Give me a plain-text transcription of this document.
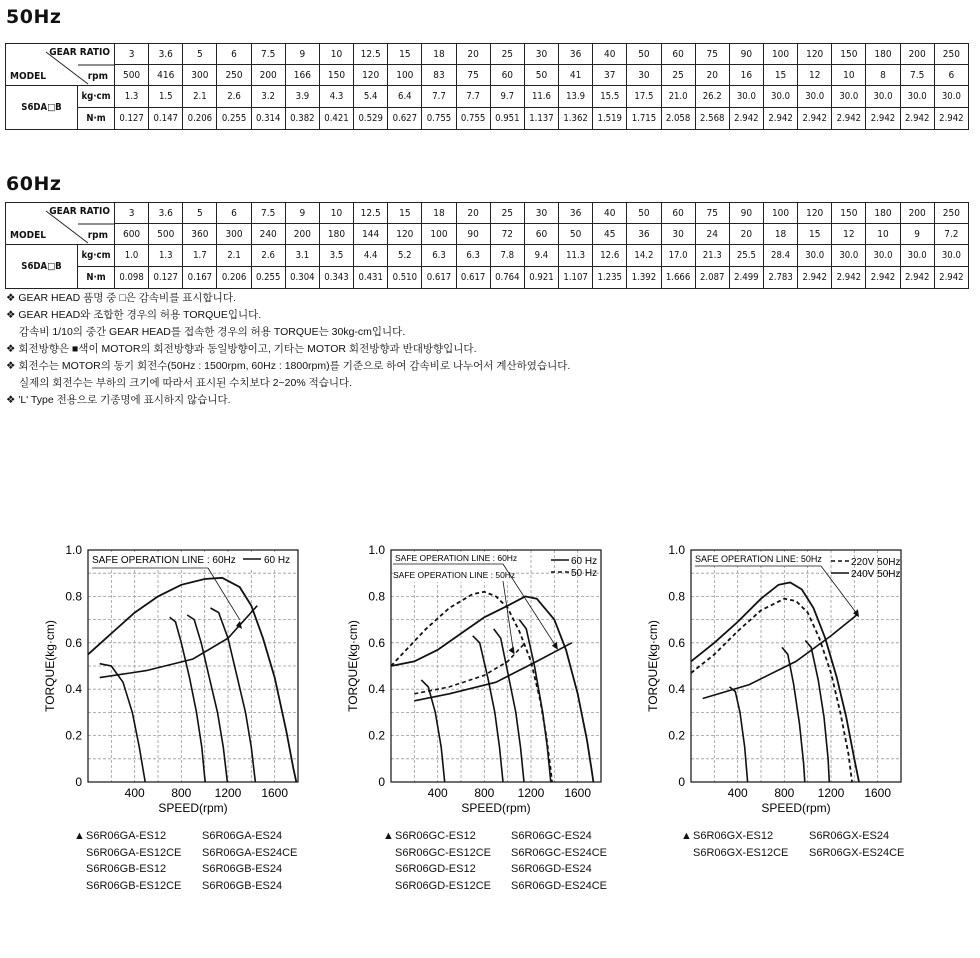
50Hz
GEAR RATIO
MODEL rpm		3	3.6	5	6	7.5	9	10	12.5	15	18	20	25	30	36	40	50	60	75	90	100	120	150	180	200	250
		500	416	300	250	200	166	150	120	100	83	75	60	50	41	37	30	25	20	16	15	12	10	8	7.5	6
S6DA□B	kg·cm	1.3	1.5	2.1	2.6	3.2	3.9	4.3	5.4	6.4	7.7	7.7	9.7	11.6	13.9	15.5	17.5	21.0	26.2	30.0	30.0	30.0	30.0	30.0	30.0	30.0
	N·m	0.127	0.147	0.206	0.255	0.314	0.382	0.421	0.529	0.627	0.755	0.755	0.951	1.137	1.362	1.519	1.715	2.058	2.568	2.942	2.942	2.942	2.942	2.942	2.942	2.942
60Hz
GEAR RATIO
MODEL rpm		3	3.6	5	6	7.5	9	10	12.5	15	18	20	25	30	36	40	50	60	75	90	100	120	150	180	200	250
		600	500	360	300	240	200	180	144	120	100	90	72	60	50	45	36	30	24	20	18	15	12	10	9	7.2
S6DA□B	kg·cm	1.0	1.3	1.7	2.1	2.6	3.1	3.5	4.4	5.2	6.3	6.3	7.8	9.4	11.3	12.6	14.2	17.0	21.3	25.5	28.4	30.0	30.0	30.0	30.0	30.0
	N·m	0.098	0.127	0.167	0.206	0.255	0.304	0.343	0.431	0.510	0.617	0.617	0.764	0.921	1.107	1.235	1.392	1.666	2.087	2.499	2.783	2.942	2.942	2.942	2.942	2.942
❖ GEAR HEAD 품명 중 □은 감속비를 표시합니다.
❖ GEAR HEAD와 조합한 경우의 허용 TORQUE입니다.
감속비 1/10의 중간 GEAR HEAD를 접속한 경우의 허용 TORQUE는 30kg-cm입니다.
❖ 회전방향은 ■색이 MOTOR의 회전방향과 동일방향이고, 기타는 MOTOR 회전방향과 반대방향입니다.
❖ 회전수는 MOTOR의 동기 회전수(50Hz : 1500rpm, 60Hz : 1800rpm)를 기준으로 하여 감속비로 나누어서 계산하였습니다.
실제의 회전수는 부하의 크기에 따라서 표시된 수치보다 2~20% 적습니다.
❖ 'L' Type 전용으로 기종명에 표시하지 않습니다.
400 800 1200 1600
0
0.2
0.4
0.6
0.8
1.0
SPEED(rpm)
TORQUE(kg·cm)
SAFE OPERATION LINE : 60Hz	60 Hz
400 800 1200 1600
0
0.2
0.4
0.6
0.8
1.0
SPEED(rpm)
TORQUE(kg·cm)
SAFE OPERATION LINE : 60Hz
SAFE OPERATION LINE : 50Hz
60 Hz
50 Hz
400 800 1200 1600
0
0.2
0.4
0.6
0.8
1.0
SPEED(rpm)
TORQUE(kg·cm)
SAFE OPERATION LINE: 50Hz	220V 50Hz
240V 50Hz
▲S6R06GA-ES12	S6R06GA-ES24
S6R06GA-ES12CE S6R06GA-ES24CE
S6R06GB-ES12	S6R06GB-ES24
S6R06GB-ES12CE S6R06GB-ES24
▲S6R06GC-ES12	S6R06GC-ES24
S6R06GC-ES12CE S6R06GC-ES24CE
S6R06GD-ES12	S6R06GD-ES24
S6R06GD-ES12CE S6R06GD-ES24CE
▲S6R06GX-ES12	S6R06GX-ES24
S6R06GX-ES12CE S6R06GX-ES24CE
